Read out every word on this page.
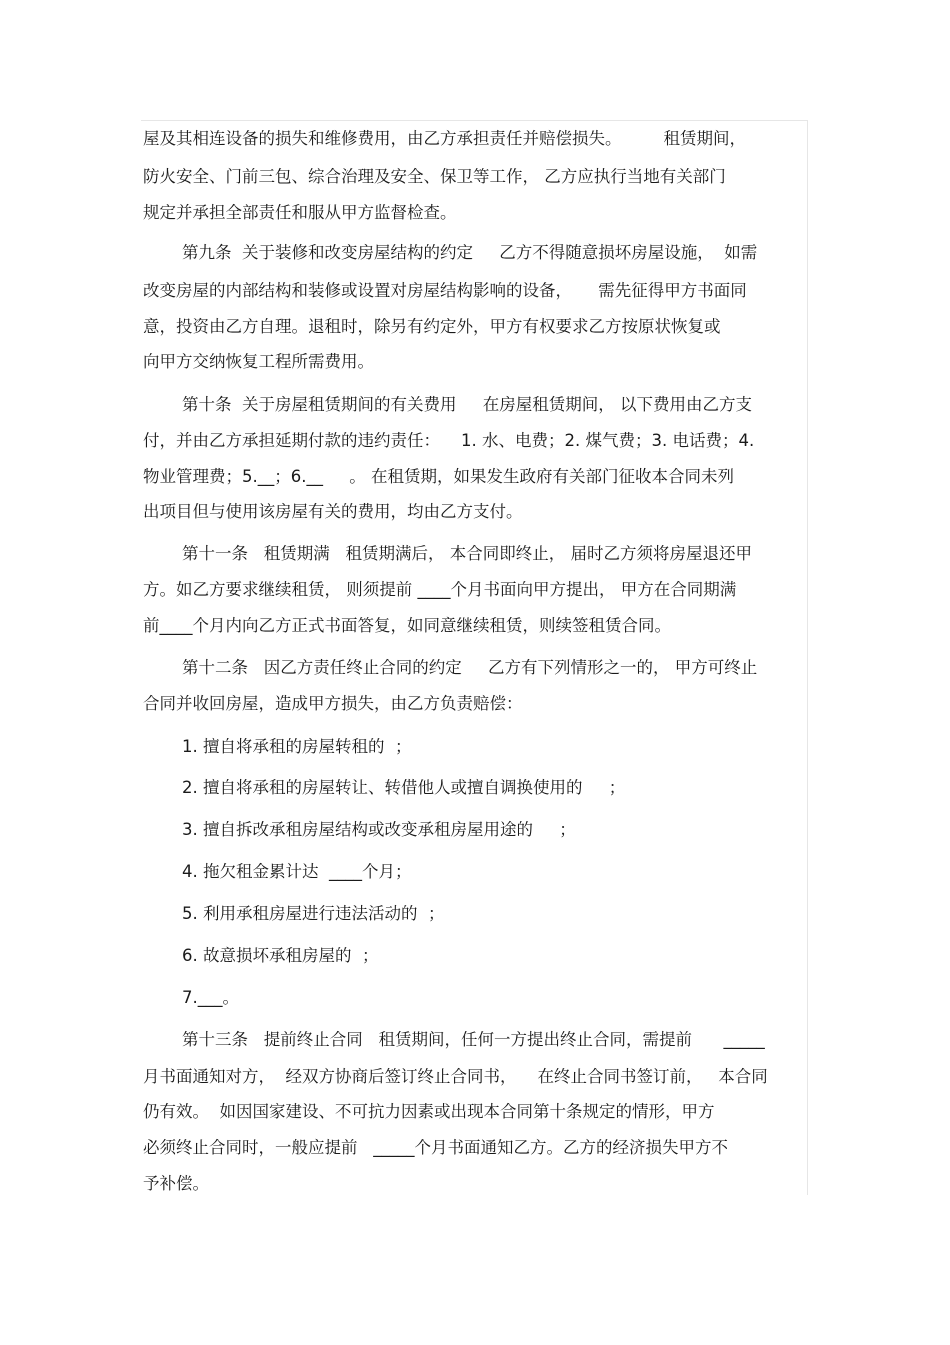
屋及其相连设备的损失和维修费用，由乙方承担责任并赔偿损失。        租赁期间，
防火安全、门前三包、综合治理及安全、保卫等工作， 乙方应执行当地有关部门
规定并承担全部责任和服从甲方监督检查。
第九条  关于装修和改变房屋结构的约定     乙方不得随意损坏房屋设施，  如需
改变房屋的内部结构和装修或设置对房屋结构影响的设备，     需先征得甲方书面同
意，投资由乙方自理。退租时，除另有约定外，甲方有权要求乙方按原状恢复或
向甲方交纳恢复工程所需费用。
第十条  关于房屋租赁期间的有关费用     在房屋租赁期间， 以下费用由乙方支
付，并由乙方承担延期付款的违约责任：    1. 水、电费；2. 煤气费；3. 电话费；4.
物业管理费；5.__；6.__     。 在租赁期，如果发生政府有关部门征收本合同未列
出项目但与使用该房屋有关的费用，均由乙方支付。
第十一条   租赁期满   租赁期满后， 本合同即终止， 届时乙方须将房屋退还甲
方。如乙方要求继续租赁， 则须提前 ____个月书面向甲方提出， 甲方在合同期满
前____个月内向乙方正式书面答复，如同意继续租赁，则续签租赁合同。
第十二条   因乙方责任终止合同的约定     乙方有下列情形之一的， 甲方可终止
合同并收回房屋，造成甲方损失，由乙方负责赔偿：
1. 擅自将承租的房屋转租的  ；
2. 擅自将承租的房屋转让、转借他人或擅自调换使用的     ；
3. 擅自拆改承租房屋结构或改变承租房屋用途的     ；
4. 拖欠租金累计达  ____个月；
5. 利用承租房屋进行违法活动的  ；
6. 故意损坏承租房屋的  ；
7.___。
第十三条   提前终止合同   租赁期间，任何一方提出终止合同，需提前      _____
月书面通知对方，  经双方协商后签订终止合同书，    在终止合同书签订前，   本合同
仍有效。  如因国家建设、不可抗力因素或出现本合同第十条规定的情形，甲方
必须终止合同时，一般应提前   _____个月书面通知乙方。乙方的经济损失甲方不
予补偿。
